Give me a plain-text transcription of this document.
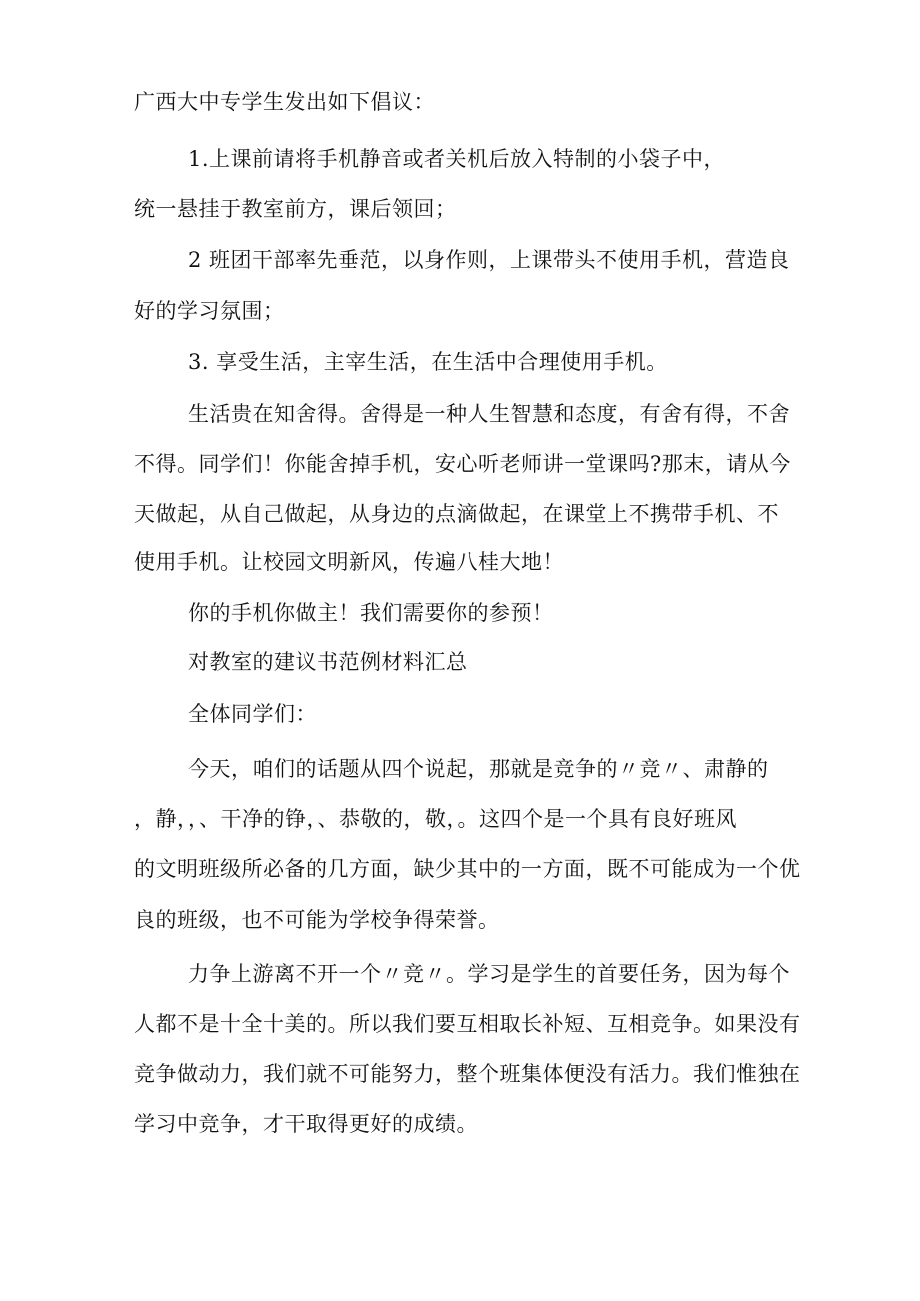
广西大中专学生发出如下倡议：
1.上课前请将手机静音或者关机后放入特制的小袋子中，
统一悬挂于教室前方，课后领回；
2 班团干部率先垂范，以身作则，上课带头不使用手机，营造良
好的学习氛围；
3. 享受生活，主宰生活，在生活中合理使用手机。
生活贵在知舍得。舍得是一种人生智慧和态度，有舍有得，不舍
不得。同学们！你能舍掉手机，安心听老师讲一堂课吗?那末，请从今
天做起，从自己做起，从身边的点滴做起，在课堂上不携带手机、不
使用手机。让校园文明新风，传遍八桂大地！
你的手机你做主！我们需要你的参预！
对教室的建议书范例材料汇总
全体同学们：
今天，咱们的话题从四个说起，那就是竞争的〃竞〃、肃静的
，静，，、干净的铮，、恭敬的，敬，。这四个是一个具有良好班风
的文明班级所必备的几方面，缺少其中的一方面，既不可能成为一个优
良的班级，也不可能为学校争得荣誉。
力争上游离不开一个〃竞〃。学习是学生的首要任务，因为每个
人都不是十全十美的。所以我们要互相取长补短、互相竞争。如果没有
竞争做动力，我们就不可能努力，整个班集体便没有活力。我们惟独在
学习中竞争，才干取得更好的成绩。
